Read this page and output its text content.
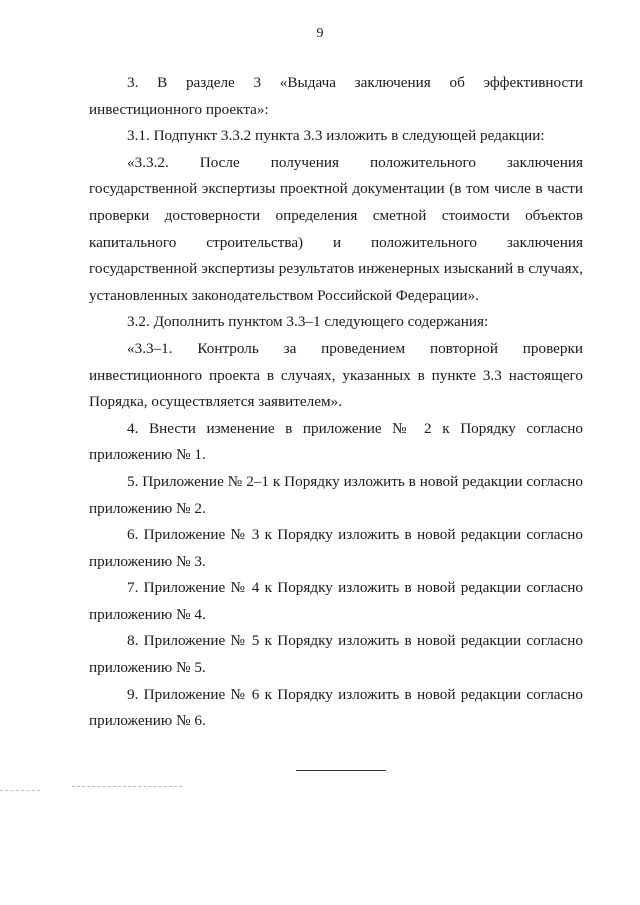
9

3. В разделе 3 «Выдача заключения об эффективности инвестиционного проекта»:

3.1. Подпункт 3.3.2 пункта 3.3 изложить в следующей редакции:

«3.3.2. После получения положительного заключения государственной экспертизы проектной документации (в том числе в части проверки достоверности определения сметной стоимости объектов капитального строительства) и положительного заключения государственной экспертизы результатов инженерных изысканий в случаях, установленных законодательством Российской Федерации».

3.2. Дополнить пунктом 3.3–1 следующего содержания:

«3.3–1. Контроль за проведением повторной проверки инвестиционного проекта в случаях, указанных в пункте 3.3 настоящего Порядка, осуществляется заявителем».

4. Внести изменение в приложение № 2 к Порядку согласно приложению № 1.

5. Приложение № 2–1 к Порядку изложить в новой редакции согласно приложению № 2.

6. Приложение № 3 к Порядку изложить в новой редакции согласно приложению № 3.

7. Приложение № 4 к Порядку изложить в новой редакции согласно приложению № 4.

8. Приложение № 5 к Порядку изложить в новой редакции согласно приложению № 5.

9. Приложение № 6 к Порядку изложить в новой редакции согласно приложению № 6.
